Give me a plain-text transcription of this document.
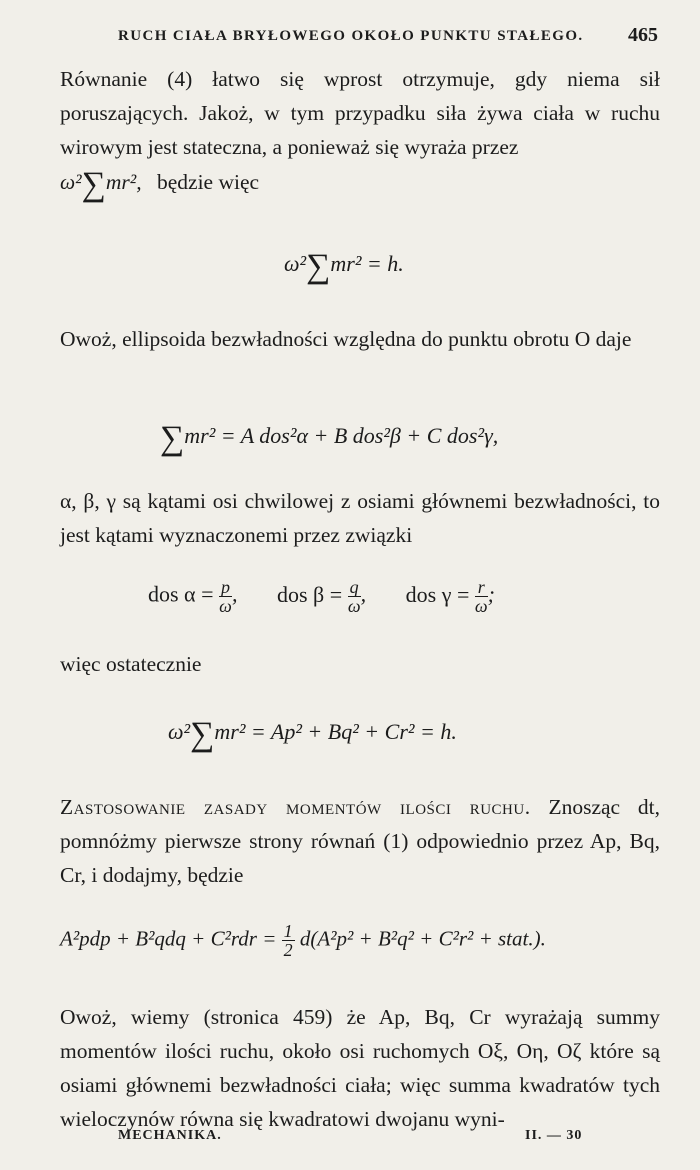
RUCH CIAŁA BRYŁOWEGO OKOŁO PUNKTU STAŁEGO. 465

Równanie (4) łatwo się wprost otrzymuje, gdy niema sił poruszających. Jakoż, w tym przypadku siła żywa ciała w ruchu wirowym jest stateczna, a ponieważ się wyraża przez

ω²∑mr², będzie więc
ω²∑mr² = h.

Owoż, ellipsoida bezwładności względna do punktu obrotu O daje

∑mr² = A dos²α + B dos²β + C dos²γ,

α, β, γ są kątami osi chwilowej z osiami głównemi bezwładności, to jest kątami wyznaczonemi przez związki

dos $\alpha = \frac{p}{\omega}$ , dos $\beta = \frac{q}{\omega}$ , dos $\gamma = \frac{r}{\omega}$ ;
więc ostatecznie
ω²∑mr² = Ap² + Bq² + Cr² = h.

Zastosowanie zasady momentów ilości ruchu. Znosząc dt, pomnóżmy pierwsze strony równań (1) odpowiednio przez Ap, Bq, Cr, i dodajmy, będzie

$A^2pdp + B^2qdq + C^2rdr = \frac{1}{2} d(A^2p^2 + B^2q^2 + C^2r^2$ + stat.).

Owoż, wiemy (stronica 459) że Ap, Bq, Cr wyrażają summy momentów ilości ruchu, około osi ruchomych Oξ, Oη, Oζ które są osiami głównemi bezwładności ciała; więc summa kwadratów tych wieloczynów równa się kwadratowi dwojanu wyni-

MECHANIKA.	II. — 30
